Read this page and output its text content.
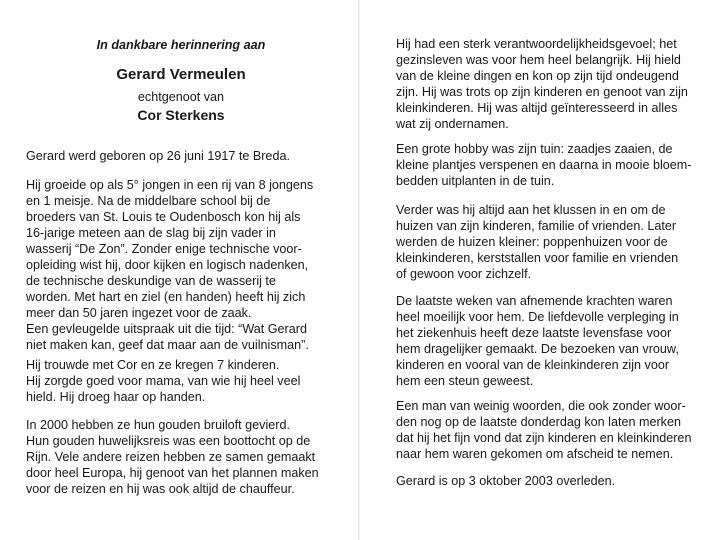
In dankbare herinnering aan
Gerard Vermeulen
echtgenoot van
Cor Sterkens
Gerard werd geboren op 26 juni 1917 te Breda.
Hij groeide op als 5° jongen in een rij van 8 jongens
en 1 meisje. Na de middelbare school bij de
broeders van St. Louis te Oudenbosch kon hij als
16-jarige meteen aan de slag bij zijn vader in
wasserij “De Zon”. Zonder enige technische voor-
opleiding wist hij, door kijken en logisch nadenken,
de technische deskundige van de wasserij te
worden. Met hart en ziel (en handen) heeft hij zich
meer dan 50 jaren ingezet voor de zaak.
Een gevleugelde uitspraak uit die tijd: “Wat Gerard
niet maken kan, geef dat maar aan de vuilnisman”.
Hij trouwde met Cor en ze kregen 7 kinderen.
Hij zorgde goed voor mama, van wie hij heel veel
hield. Hij droeg haar op handen.
In 2000 hebben ze hun gouden bruiloft gevierd.
Hun gouden huwelijksreis was een boottocht op de
Rijn. Vele andere reizen hebben ze samen gemaakt
door heel Europa, hij genoot van het plannen maken
voor de reizen en hij was ook altijd de chauffeur.
Hij had een sterk verantwoordelijkheidsgevoel; het
gezinsleven was voor hem heel belangrijk. Hij hield
van de kleine dingen en kon op zijn tijd ondeugend
zijn. Hij was trots op zijn kinderen en genoot van zijn
kleinkinderen. Hij was altijd geïnteresseerd in alles
wat zij ondernamen.
Een grote hobby was zijn tuin: zaadjes zaaien, de
kleine plantjes verspenen en daarna in mooie bloem-
bedden uitplanten in de tuin.
Verder was hij altijd aan het klussen in en om de
huizen van zijn kinderen, familie of vrienden. Later
werden de huizen kleiner: poppenhuizen voor de
kleinkinderen, kerststallen voor familie en vrienden
of gewoon voor zichzelf.
De laatste weken van afnemende krachten waren
heel moeilijk voor hem. De liefdevolle verpleging in
het ziekenhuis heeft deze laatste levensfase voor
hem dragelijker gemaakt. De bezoeken van vrouw,
kinderen en vooral van de kleinkinderen zijn voor
hem een steun geweest.
Een man van weinig woorden, die ook zonder woor-
den nog op de laatste donderdag kon laten merken
dat hij het fijn vond dat zijn kinderen en kleinkinderen
naar hem waren gekomen om afscheid te nemen.
Gerard is op 3 oktober 2003 overleden.
